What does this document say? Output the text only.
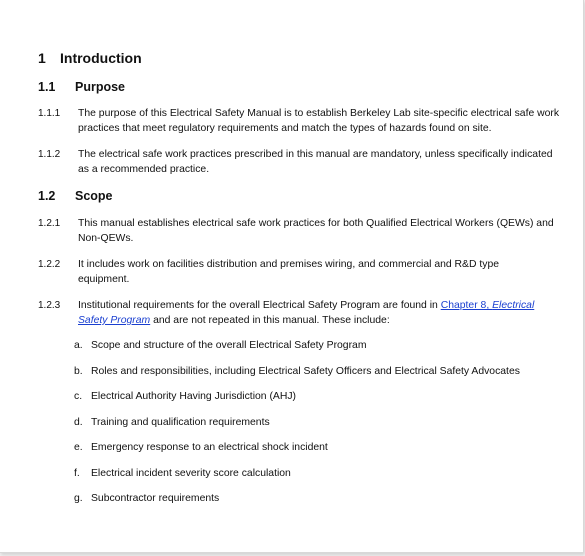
1 Introduction
1.1 Purpose
1.1.1 The purpose of this Electrical Safety Manual is to establish Berkeley Lab site-specific electrical safe work
practices that meet regulatory requirements and match the types of hazards found on site.
1.1.2 The electrical safe work practices prescribed in this manual are mandatory, unless specifically indicated
as a recommended practice.
1.2 Scope
1.2.1 This manual establishes electrical safe work practices for both Qualified Electrical Workers (QEWs) and
Non-QEWs.
1.2.2 It includes work on facilities distribution and premises wiring, and commercial and R&D type
equipment.
1.2.3 Institutional requirements for the overall Electrical Safety Program are found in Chapter 8, Electrical
Safety Program and are not repeated in this manual. These include:
a. Scope and structure of the overall Electrical Safety Program
b. Roles and responsibilities, including Electrical Safety Officers and Electrical Safety Advocates
c. Electrical Authority Having Jurisdiction (AHJ)
d. Training and qualification requirements
e. Emergency response to an electrical shock incident
f. Electrical incident severity score calculation
g. Subcontractor requirements
